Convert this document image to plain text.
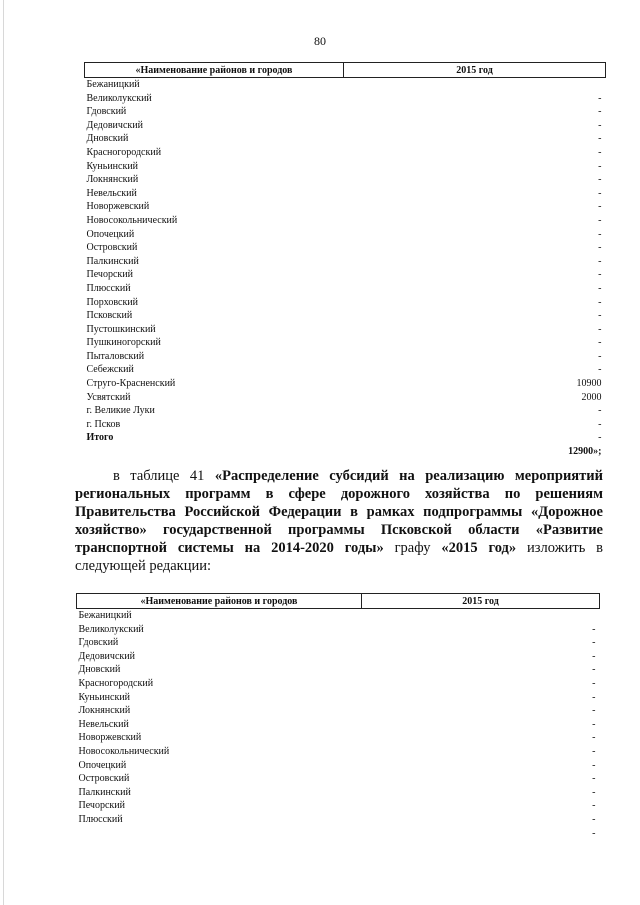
80
«Наименование районов и городов	2015 год
Бежаницкий	
Великолукский	-
Гдовский	-
Дедовичский	-
Дновский	-
Красногородский	-
Куньинский	-
Локнянский	-
Невельский	-
Новоржевский	-
Новосокольнический	-
Опочецкий	-
Островский	-
Палкинский	-
Печорский	-
Плюсский	-
Порховский	-
Псковский	-
Пустошкинский	-
Пушкиногорский	-
Пыталовский	-
Себежский	-
Струго-Красненский	10900
Усвятский	2000
г. Великие Луки	-
г. Псков	-
Итого	-
	12900»;
в таблице 41 «Распределение субсидий на реализацию мероприятий региональных программ в сфере дорожного хозяйства по решениям Правительства Российской Федерации в рамках подпрограммы «Дорожное хозяйство» государственной программы Псковской области «Развитие транспортной системы на 2014-2020 годы» графу «2015 год» изложить в следующей редакции:
«Наименование районов и городов	2015 год
Бежаницкий	
Великолукский	-
Гдовский	-
Дедовичский	-
Дновский	-
Красногородский	-
Куньинский	-
Локнянский	-
Невельский	-
Новоржевский	-
Новосокольнический	-
Опочецкий	-
Островский	-
Палкинский	-
Печорский	-
Плюсский	-
	-
